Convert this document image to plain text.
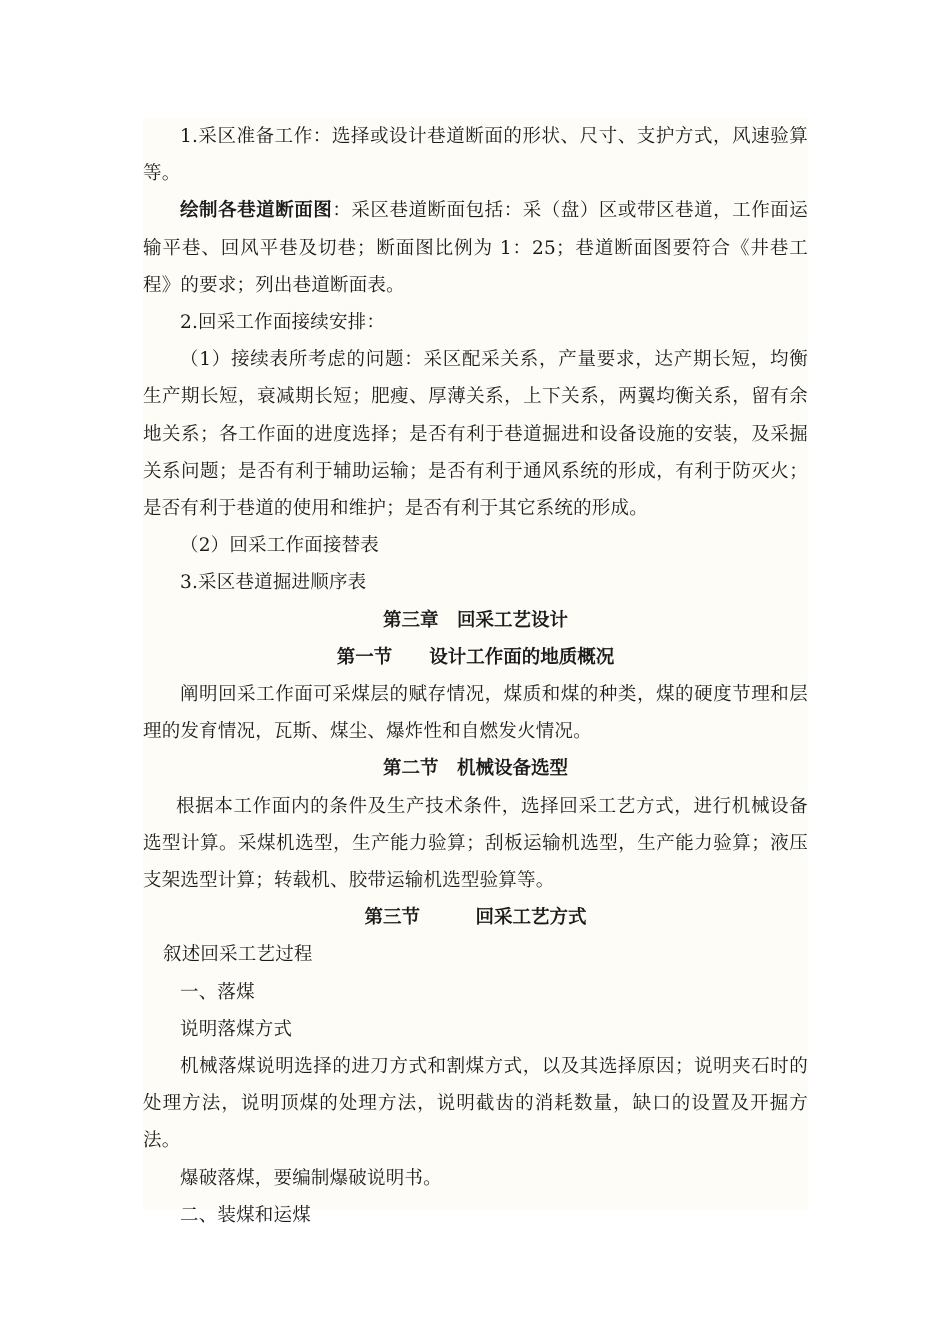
1.采区准备工作：选择或设计巷道断面的形状、尺寸、支护方式，风速验算等。

绘制各巷道断面图：采区巷道断面包括：采（盘）区或带区巷道，工作面运输平巷、回风平巷及切巷；断面图比例为 1：25；巷道断面图要符合《井巷工程》的要求；列出巷道断面表。

2.回采工作面接续安排：

（1）接续表所考虑的问题：采区配采关系，产量要求，达产期长短，均衡生产期长短，衰减期长短；肥瘦、厚薄关系，上下关系，两翼均衡关系，留有余地关系；各工作面的进度选择；是否有利于巷道掘进和设备设施的安装，及采掘关系问题；是否有利于辅助运输；是否有利于通风系统的形成，有利于防灭火；是否有利于巷道的使用和维护；是否有利于其它系统的形成。

（2）回采工作面接替表

3.采区巷道掘进顺序表

第三章　回采工艺设计

第一节　　设计工作面的地质概况

阐明回采工作面可采煤层的赋存情况，煤质和煤的种类，煤的硬度节理和层理的发育情况，瓦斯、煤尘、爆炸性和自燃发火情况。

第二节　机械设备选型

根据本工作面内的条件及生产技术条件，选择回采工艺方式，进行机械设备选型计算。采煤机选型，生产能力验算；刮板运输机选型，生产能力验算；液压支架选型计算；转载机、胶带运输机选型验算等。

第三节　　　回采工艺方式

叙述回采工艺过程

一、落煤

说明落煤方式

机械落煤说明选择的进刀方式和割煤方式，以及其选择原因；说明夹石时的处理方法，说明顶煤的处理方法，说明截齿的消耗数量，缺口的设置及开掘方法。

爆破落煤，要编制爆破说明书。

二、装煤和运煤
